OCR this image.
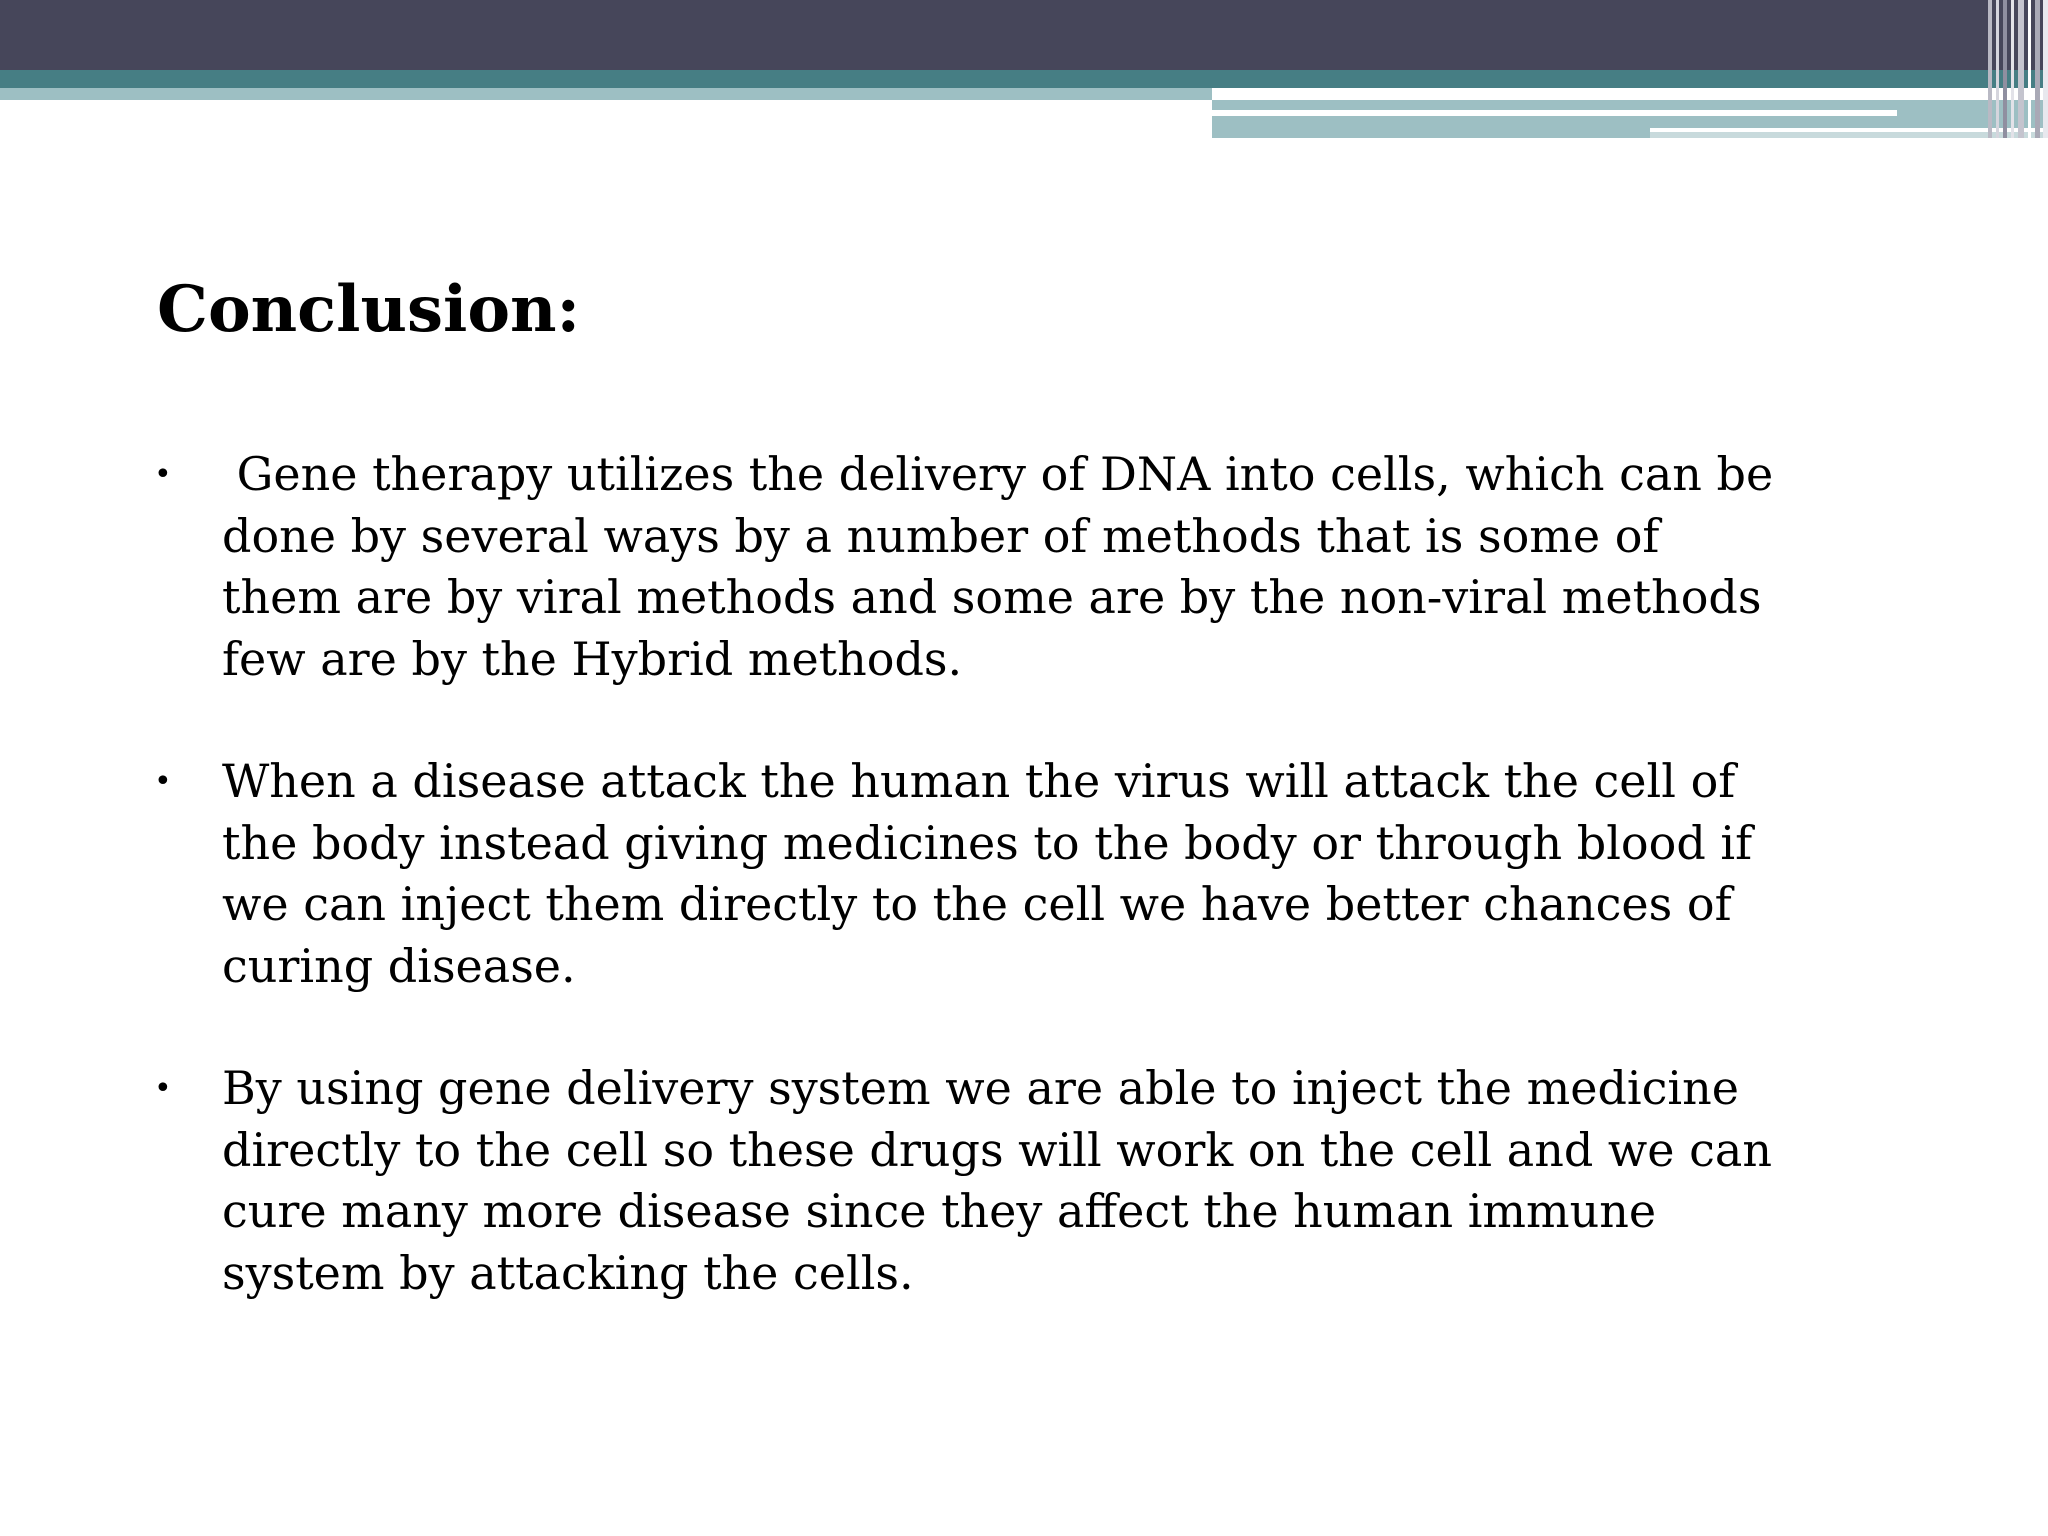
Conclusion:
• Gene therapy utilizes the delivery of DNA into cells, which can be done by several ways by a number of methods that is some of them are by viral methods and some are by the non-viral methods few are by the Hybrid methods.
• When a disease attack the human the virus will attack the cell of the body instead giving medicines to the body or through blood if we can inject them directly to the cell we have better chances of curing disease.
• By using gene delivery system we are able to inject the medicine directly to the cell so these drugs will work on the cell and we can cure many more disease since they affect the human immune system by attacking the cells.
